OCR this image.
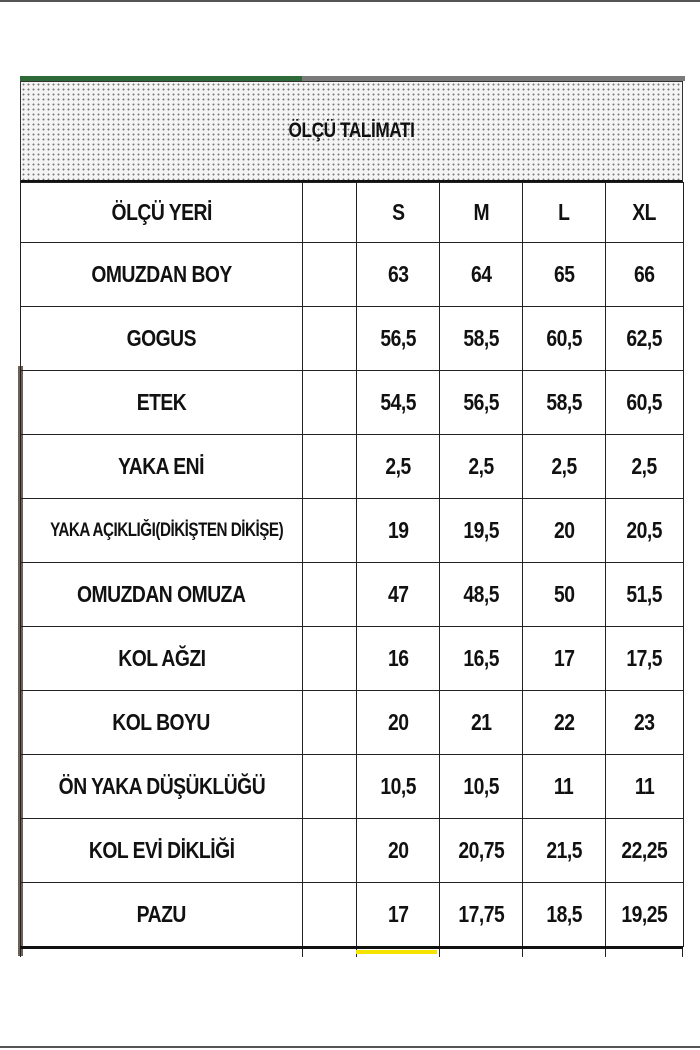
ÖLÇÜ TALİMATI
ÖLÇÜ YERİ		S	M	L	XL
OMUZDAN BOY		63	64	65	66
GOGUS		56,5	58,5	60,5	62,5
ETEK		54,5	56,5	58,5	60,5
YAKA ENİ		2,5	2,5	2,5	2,5
YAKA AÇIKLIĞI(DİKİŞTEN DİKİŞE)		19	19,5	20	20,5
OMUZDAN OMUZA		47	48,5	50	51,5
KOL AĞZI		16	16,5	17	17,5
KOL BOYU		20	21	22	23
ÖN YAKA DÜŞÜKLÜĞÜ		10,5	10,5	11	11
KOL EVİ DİKLİĞİ		20	20,75	21,5	22,25
PAZU		17	17,75	18,5	19,25
